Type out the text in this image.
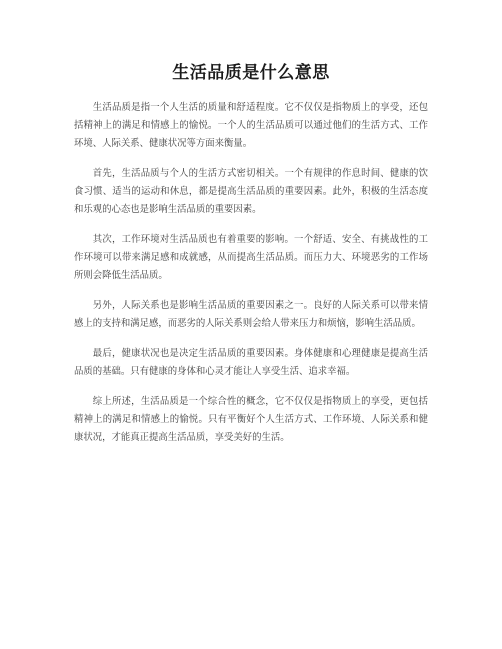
生活品质是什么意思

生活品质是指一个人生活的质量和舒适程度。它不仅仅是指物质上的享受，还包括精神上的满足和情感上的愉悦。一个人的生活品质可以通过他们的生活方式、工作环境、人际关系、健康状况等方面来衡量。

首先，生活品质与个人的生活方式密切相关。一个有规律的作息时间、健康的饮食习惯、适当的运动和休息，都是提高生活品质的重要因素。此外，积极的生活态度和乐观的心态也是影响生活品质的重要因素。

其次，工作环境对生活品质也有着重要的影响。一个舒适、安全、有挑战性的工作环境可以带来满足感和成就感，从而提高生活品质。而压力大、环境恶劣的工作场所则会降低生活品质。

另外，人际关系也是影响生活品质的重要因素之一。良好的人际关系可以带来情感上的支持和满足感，而恶劣的人际关系则会给人带来压力和烦恼，影响生活品质。

最后，健康状况也是决定生活品质的重要因素。身体健康和心理健康是提高生活品质的基础。只有健康的身体和心灵才能让人享受生活、追求幸福。

综上所述，生活品质是一个综合性的概念，它不仅仅是指物质上的享受，更包括精神上的满足和情感上的愉悦。只有平衡好个人生活方式、工作环境、人际关系和健康状况，才能真正提高生活品质，享受美好的生活。
